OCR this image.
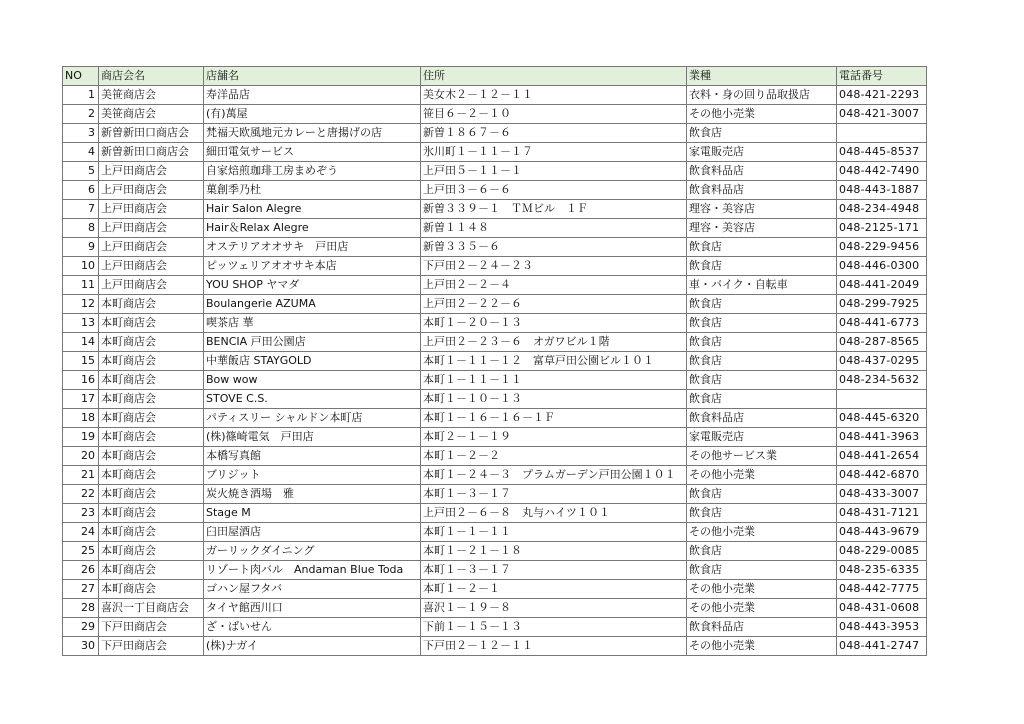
NO	商店会名	店舗名	住所	業種	電話番号
1	美笹商店会	寿洋品店	美女木２－１２－１１	衣料・身の回り品取扱店	048-421-2293
2	美笹商店会	(有)萬屋	笹目６－２－１０	その他小売業	048-421-3007
3	新曽新田口商店会	梵福天欧風地元カレーと唐揚げの店	新曽１８６７－６	飲食店	
4	新曽新田口商店会	細田電気サービス	氷川町１－１１－１７	家電販売店	048-445-8537
5	上戸田商店会	自家焙煎珈琲工房まめぞう	上戸田５－１１－１	飲食料品店	048-442-7490
6	上戸田商店会	菓創季乃杜	上戸田３－６－６	飲食料品店	048-443-1887
7	上戸田商店会	Hair Salon Alegre	新曽３３９－１　ＴＭビル　１Ｆ	理容・美容店	048-234-4948
8	上戸田商店会	Hair＆Relax Alegre	新曽１１４８	理容・美容店	048-2125-171
9	上戸田商店会	オステリアオオサキ　戸田店	新曽３３５－６	飲食店	048-229-9456
10	上戸田商店会	ピッツェリアオオサキ本店	下戸田２－２４－２３	飲食店	048-446-0300
11	上戸田商店会	YOU SHOP ヤマダ	上戸田２－２－４	車・バイク・自転車	048-441-2049
12	本町商店会	Boulangerie AZUMA	上戸田２－２２－６	飲食店	048-299-7925
13	本町商店会	喫茶店 華	本町１－２０－１３	飲食店	048-441-6773
14	本町商店会	BENCIA 戸田公園店	上戸田２－２３－６　オガワビル１階	飲食店	048-287-8565
15	本町商店会	中華飯店 STAYGOLD	本町１－１１－１２　富草戸田公園ビル１０１	飲食店	048-437-0295
16	本町商店会	Bow wow	本町１－１１－１１	飲食店	048-234-5632
17	本町商店会	STOVE C.S.	本町１－１０－１３	飲食店	
18	本町商店会	パティスリー シャルドン本町店	本町１－１６－１６－１Ｆ	飲食料品店	048-445-6320
19	本町商店会	(株)篠崎電気　戸田店	本町２－１－１９	家電販売店	048-441-3963
20	本町商店会	本橋写真館	本町１－２－２	その他サービス業	048-441-2654
21	本町商店会	ブリジット	本町１－２４－３　プラムガーデン戸田公園１０１	その他小売業	048-442-6870
22	本町商店会	炭火焼き酒場　雅	本町１－３－１７	飲食店	048-433-3007
23	本町商店会	Stage M	上戸田２－６－８　丸与ハイツ１０１	飲食店	048-431-7121
24	本町商店会	臼田屋酒店	本町１－１－１１	その他小売業	048-443-9679
25	本町商店会	ガーリックダイニング	本町１－２１－１８	飲食店	048-229-0085
26	本町商店会	リゾート肉バル　Andaman Blue Toda	本町１－３－１７	飲食店	048-235-6335
27	本町商店会	ゴハン屋フタバ	本町１－２－１	その他小売業	048-442-7775
28	喜沢一丁目商店会	タイヤ館西川口	喜沢１－１９－８	その他小売業	048-431-0608
29	下戸田商店会	ざ・ばいせん	下前１－１５－１３	飲食料品店	048-443-3953
30	下戸田商店会	(株)ナガイ	下戸田２－１２－１１	その他小売業	048-441-2747
